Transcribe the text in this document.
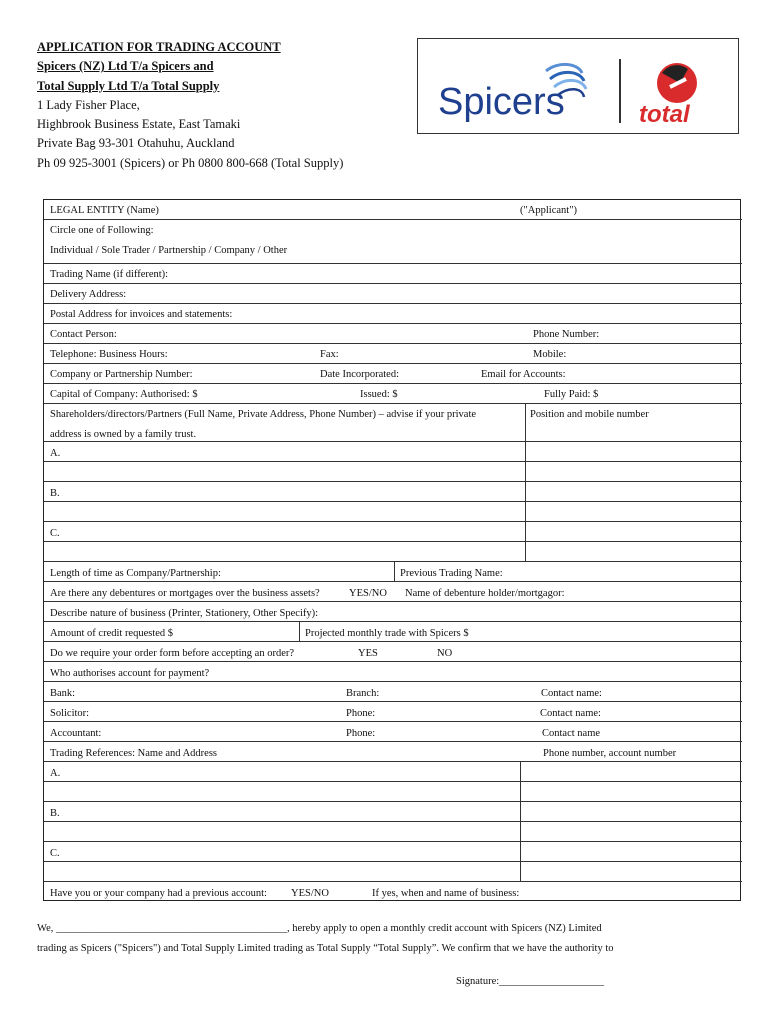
APPLICATION FOR TRADING ACCOUNT
Spicers (NZ) Ltd T/a Spicers and
Total Supply Ltd T/a Total Supply
1 Lady Fisher Place,
Highbrook Business Estate, East Tamaki
Private Bag 93-301 Otahuhu, Auckland
Ph 09 925-3001 (Spicers) or Ph 0800 800-668 (Total Supply)
Spicers	total
LEGAL ENTITY (Name)	("Applicant")
Circle one of Following:
Individual / Sole Trader / Partnership / Company / Other
Trading Name (if different):
Delivery Address:
Postal Address for invoices and statements:
Contact Person:	Phone Number:
Telephone: Business Hours:	Fax:	Mobile:
Company or Partnership Number:	Date Incorporated:	Email for Accounts:
Capital of Company: Authorised: $	Issued: $	Fully Paid: $
Shareholders/directors/Partners (Full Name, Private Address, Phone Number) – advise if your private
address is owned by a family trust.
Position and mobile number
A.
B.
C.
Length of time as Company/Partnership:	Previous Trading Name:
Are there any debentures or mortgages over the business assets?	YES/NO Name of debenture holder/mortgagor:
Describe nature of business (Printer, Stationery, Other Specify):
Amount of credit requested $	Projected monthly trade with Spicers $
Do we require your order form before accepting an order?	YES	NO
Who authorises account for payment?
Bank:	Branch:	Contact name:
Solicitor:	Phone:	Contact name:
Accountant:	Phone:	Contact name
Trading References: Name and Address	Phone number, account number
A.
B.
C.
Have you or your company had a previous account: YES/NO	If yes, when and name of business:
We, ____________________________________________, hereby apply to open a monthly credit account with Spicers (NZ) Limited
trading as Spicers ("Spicers") and Total Supply Limited trading as Total Supply “Total Supply”. We confirm that we have the authority to
Signature:____________________
